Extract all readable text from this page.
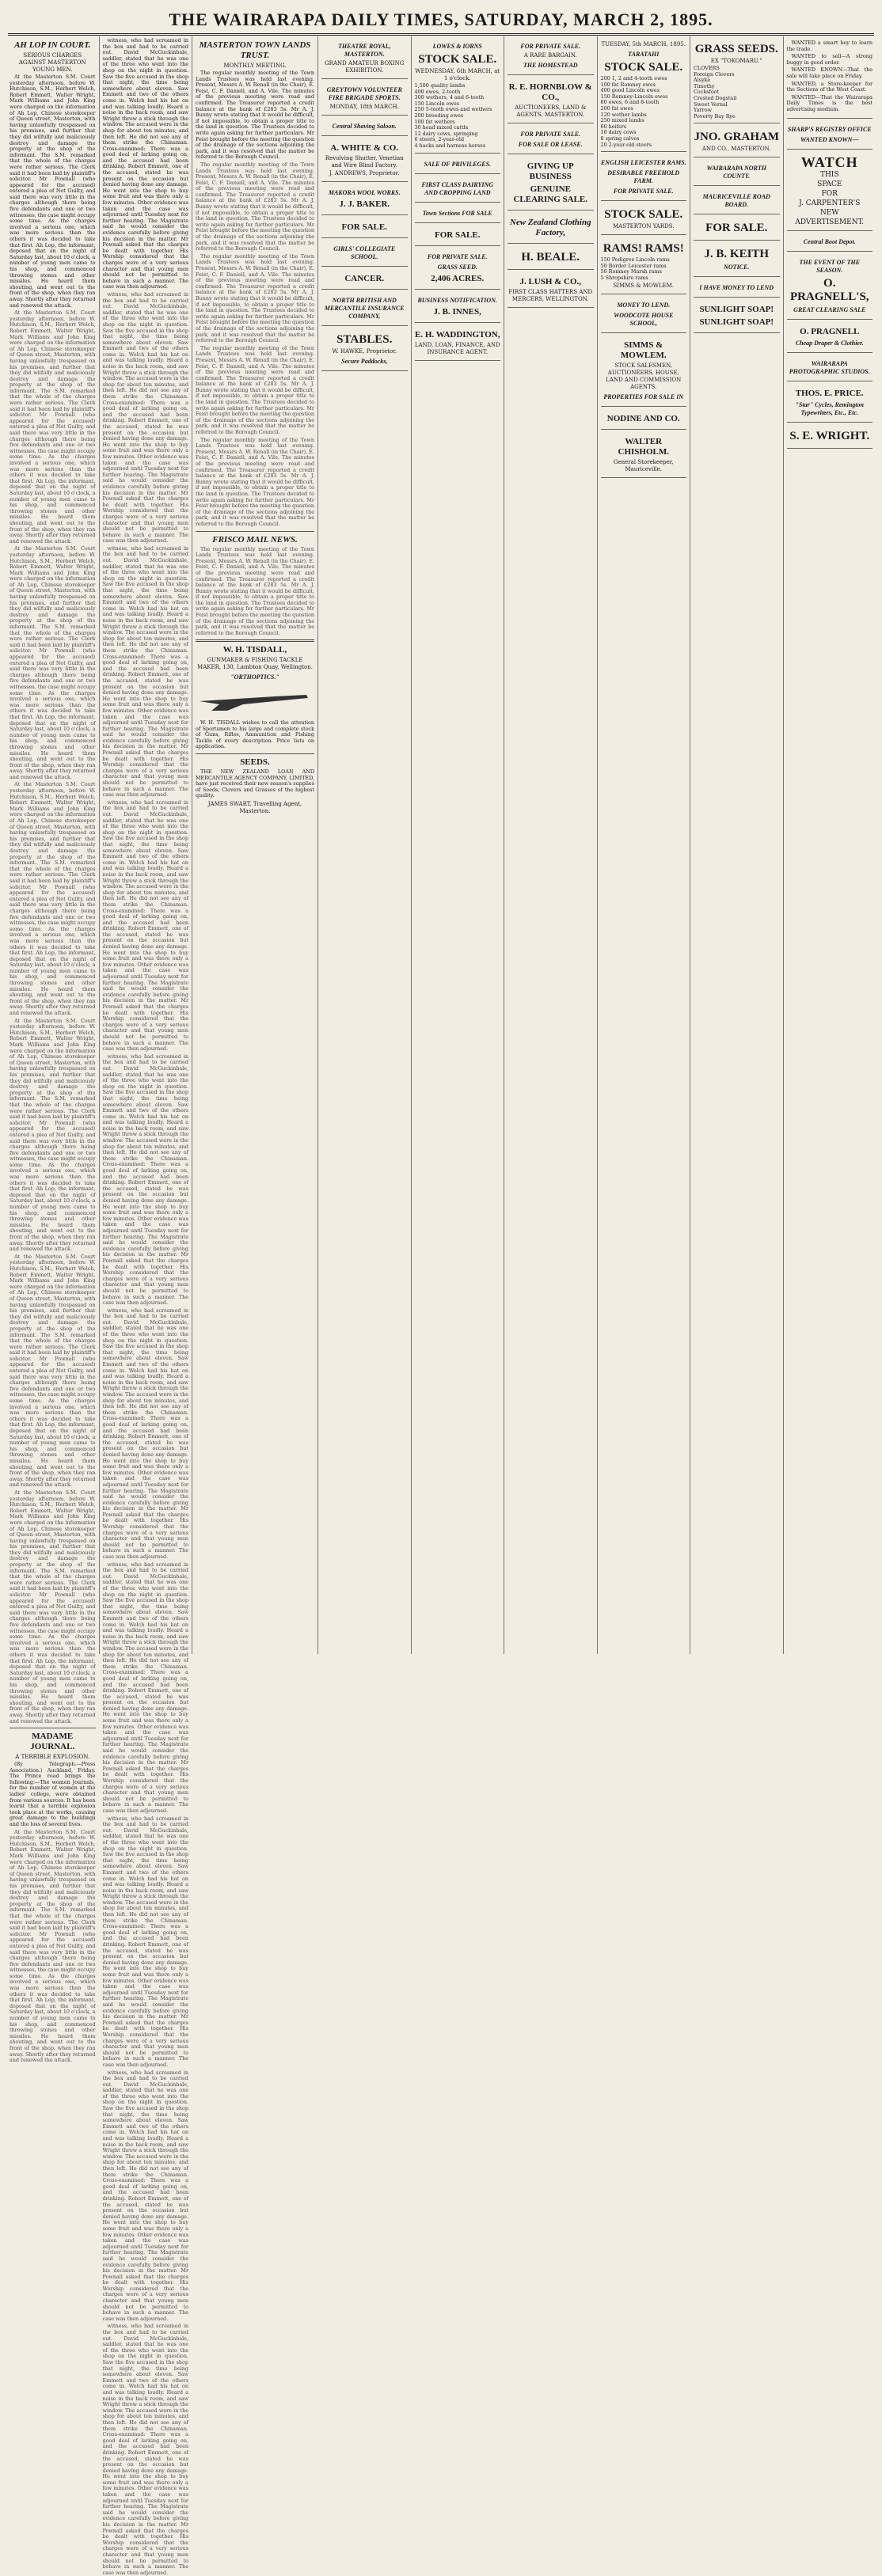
THE WAIRARAPA DAILY TIMES, SATURDAY, MARCH 2, 1895.
AH LOP IN COURT.
SERIOUS CHARGES AGAINST MASTERTON YOUNG MEN.
At the Masterton S.M. Court yesterday afternoon, before W. Hutchison, S.M., Herbert Welch, Robert Emmett, Walter Wright, Mark Williams and John King were charged on the information of Ah Lop, Chinese storekeeper of Queen street, Masterton, with having unlawfully trespassed on his premises, and further that they did wilfully and maliciously destroy and damage the property at the shop of the informant. The S.M. remarked that the whole of the charges were rather serious. The Clerk said it had been laid by plaintiff's solicitor. Mr Pownall (who appeared for the accused) entered a plea of Not Guilty, and said there was very little in the charges although there being five defendants and one or two witnesses, the case might occupy some time. As the charges involved a serious one, which was more serious than the others it was decided to take that first. Ah Lop, the informant, deposed that on the night of Saturday last, about 10 o'clock, a number of young men came to his shop, and commenced throwing stones and other missiles. He heard them shouting, and went out to the front of the shop, when they ran away. Shortly after they returned and renewed the attack.
At the Masterton S.M. Court yesterday afternoon, before W. Hutchison, S.M., Herbert Welch, Robert Emmett, Walter Wright, Mark Williams and John King were charged on the information of Ah Lop, Chinese storekeeper of Queen street, Masterton, with having unlawfully trespassed on his premises, and further that they did wilfully and maliciously destroy and damage the property at the shop of the informant. The S.M. remarked that the whole of the charges were rather serious. The Clerk said it had been laid by plaintiff's solicitor. Mr Pownall (who appeared for the accused) entered a plea of Not Guilty, and said there was very little in the charges although there being five defendants and one or two witnesses, the case might occupy some time. As the charges involved a serious one, which was more serious than the others it was decided to take that first. Ah Lop, the informant, deposed that on the night of Saturday last, about 10 o'clock, a number of young men came to his shop, and commenced throwing stones and other missiles. He heard them shouting, and went out to the front of the shop, when they ran away. Shortly after they returned and renewed the attack.
At the Masterton S.M. Court yesterday afternoon, before W. Hutchison, S.M., Herbert Welch, Robert Emmett, Walter Wright, Mark Williams and John King were charged on the information of Ah Lop, Chinese storekeeper of Queen street, Masterton, with having unlawfully trespassed on his premises, and further that they did wilfully and maliciously destroy and damage the property at the shop of the informant. The S.M. remarked that the whole of the charges were rather serious. The Clerk said it had been laid by plaintiff's solicitor. Mr Pownall (who appeared for the accused) entered a plea of Not Guilty, and said there was very little in the charges although there being five defendants and one or two witnesses, the case might occupy some time. As the charges involved a serious one, which was more serious than the others it was decided to take that first. Ah Lop, the informant, deposed that on the night of Saturday last, about 10 o'clock, a number of young men came to his shop, and commenced throwing stones and other missiles. He heard them shouting, and went out to the front of the shop, when they ran away. Shortly after they returned and renewed the attack.
At the Masterton S.M. Court yesterday afternoon, before W. Hutchison, S.M., Herbert Welch, Robert Emmett, Walter Wright, Mark Williams and John King were charged on the information of Ah Lop, Chinese storekeeper of Queen street, Masterton, with having unlawfully trespassed on his premises, and further that they did wilfully and maliciously destroy and damage the property at the shop of the informant. The S.M. remarked that the whole of the charges were rather serious. The Clerk said it had been laid by plaintiff's solicitor. Mr Pownall (who appeared for the accused) entered a plea of Not Guilty, and said there was very little in the charges although there being five defendants and one or two witnesses, the case might occupy some time. As the charges involved a serious one, which was more serious than the others it was decided to take that first. Ah Lop, the informant, deposed that on the night of Saturday last, about 10 o'clock, a number of young men came to his shop, and commenced throwing stones and other missiles. He heard them shouting, and went out to the front of the shop, when they ran away. Shortly after they returned and renewed the attack.
At the Masterton S.M. Court yesterday afternoon, before W. Hutchison, S.M., Herbert Welch, Robert Emmett, Walter Wright, Mark Williams and John King were charged on the information of Ah Lop, Chinese storekeeper of Queen street, Masterton, with having unlawfully trespassed on his premises, and further that they did wilfully and maliciously destroy and damage the property at the shop of the informant. The S.M. remarked that the whole of the charges were rather serious. The Clerk said it had been laid by plaintiff's solicitor. Mr Pownall (who appeared for the accused) entered a plea of Not Guilty, and said there was very little in the charges although there being five defendants and one or two witnesses, the case might occupy some time. As the charges involved a serious one, which was more serious than the others it was decided to take that first. Ah Lop, the informant, deposed that on the night of Saturday last, about 10 o'clock, a number of young men came to his shop, and commenced throwing stones and other missiles. He heard them shouting, and went out to the front of the shop, when they ran away. Shortly after they returned and renewed the attack.
At the Masterton S.M. Court yesterday afternoon, before W. Hutchison, S.M., Herbert Welch, Robert Emmett, Walter Wright, Mark Williams and John King were charged on the information of Ah Lop, Chinese storekeeper of Queen street, Masterton, with having unlawfully trespassed on his premises, and further that they did wilfully and maliciously destroy and damage the property at the shop of the informant. The S.M. remarked that the whole of the charges were rather serious. The Clerk said it had been laid by plaintiff's solicitor. Mr Pownall (who appeared for the accused) entered a plea of Not Guilty, and said there was very little in the charges although there being five defendants and one or two witnesses, the case might occupy some time. As the charges involved a serious one, which was more serious than the others it was decided to take that first. Ah Lop, the informant, deposed that on the night of Saturday last, about 10 o'clock, a number of young men came to his shop, and commenced throwing stones and other missiles. He heard them shouting, and went out to the front of the shop, when they ran away. Shortly after they returned and renewed the attack.
At the Masterton S.M. Court yesterday afternoon, before W. Hutchison, S.M., Herbert Welch, Robert Emmett, Walter Wright, Mark Williams and John King were charged on the information of Ah Lop, Chinese storekeeper of Queen street, Masterton, with having unlawfully trespassed on his premises, and further that they did wilfully and maliciously destroy and damage the property at the shop of the informant. The S.M. remarked that the whole of the charges were rather serious. The Clerk said it had been laid by plaintiff's solicitor. Mr Pownall (who appeared for the accused) entered a plea of Not Guilty, and said there was very little in the charges although there being five defendants and one or two witnesses, the case might occupy some time. As the charges involved a serious one, which was more serious than the others it was decided to take that first. Ah Lop, the informant, deposed that on the night of Saturday last, about 10 o'clock, a number of young men came to his shop, and commenced throwing stones and other missiles. He heard them shouting, and went out to the front of the shop, when they ran away. Shortly after they returned and renewed the attack.
MADAME JOURNAL.
A TERRIBLE EXPLOSION.
(By Telegraph.—Press Association.) Auckland, Friday. The Prince road brings the following:—The women Journals, for the number of women at the ladies' college, were obtained from various sources. It has been learnt that a terrible explosion took place at the works, causing great damage to the buildings and the loss of several lives.
At the Masterton S.M. Court yesterday afternoon, before W. Hutchison, S.M., Herbert Welch, Robert Emmett, Walter Wright, Mark Williams and John King were charged on the information of Ah Lop, Chinese storekeeper of Queen street, Masterton, with having unlawfully trespassed on his premises, and further that they did wilfully and maliciously destroy and damage the property at the shop of the informant. The S.M. remarked that the whole of the charges were rather serious. The Clerk said it had been laid by plaintiff's solicitor. Mr Pownall (who appeared for the accused) entered a plea of Not Guilty, and said there was very little in the charges although there being five defendants and one or two witnesses, the case might occupy some time. As the charges involved a serious one, which was more serious than the others it was decided to take that first. Ah Lop, the informant, deposed that on the night of Saturday last, about 10 o'clock, a number of young men came to his shop, and commenced throwing stones and other missiles. He heard them shouting, and went out to the front of the shop, when they ran away. Shortly after they returned and renewed the attack.
witness, who had screamed in the box and had to be carried out. David McGuckinbale, saddler, stated that he was one of the three who went into the shop on the night in question. Saw the five accused in the shop that night, the time being somewhere about eleven. Saw Emmett and two of the others come in. Welch had his hat on and was talking loudly. Heard a noise in the back room, and saw Wright throw a stick through the window. The accused were in the shop for about ten minutes, and then left. He did not see any of them strike the Chinaman. Cross-examined: There was a good deal of larking going on, and the accused had been drinking. Robert Emmett, one of the accused, stated he was present on the occasion but denied having done any damage. He went into the shop to buy some fruit and was there only a few minutes. Other evidence was taken and the case was adjourned until Tuesday next for further hearing. The Magistrate said he would consider the evidence carefully before giving his decision in the matter. Mr Pownall asked that the charges be dealt with together. His Worship considered that the charges were of a very serious character and that young men should not be permitted to behave in such a manner. The case was then adjourned.
witness, who had screamed in the box and had to be carried out. David McGuckinbale, saddler, stated that he was one of the three who went into the shop on the night in question. Saw the five accused in the shop that night, the time being somewhere about eleven. Saw Emmett and two of the others come in. Welch had his hat on and was talking loudly. Heard a noise in the back room, and saw Wright throw a stick through the window. The accused were in the shop for about ten minutes, and then left. He did not see any of them strike the Chinaman. Cross-examined: There was a good deal of larking going on, and the accused had been drinking. Robert Emmett, one of the accused, stated he was present on the occasion but denied having done any damage. He went into the shop to buy some fruit and was there only a few minutes. Other evidence was taken and the case was adjourned until Tuesday next for further hearing. The Magistrate said he would consider the evidence carefully before giving his decision in the matter. Mr Pownall asked that the charges be dealt with together. His Worship considered that the charges were of a very serious character and that young men should not be permitted to behave in such a manner. The case was then adjourned.
witness, who had screamed in the box and had to be carried out. David McGuckinbale, saddler, stated that he was one of the three who went into the shop on the night in question. Saw the five accused in the shop that night, the time being somewhere about eleven. Saw Emmett and two of the others come in. Welch had his hat on and was talking loudly. Heard a noise in the back room, and saw Wright throw a stick through the window. The accused were in the shop for about ten minutes, and then left. He did not see any of them strike the Chinaman. Cross-examined: There was a good deal of larking going on, and the accused had been drinking. Robert Emmett, one of the accused, stated he was present on the occasion but denied having done any damage. He went into the shop to buy some fruit and was there only a few minutes. Other evidence was taken and the case was adjourned until Tuesday next for further hearing. The Magistrate said he would consider the evidence carefully before giving his decision in the matter. Mr Pownall asked that the charges be dealt with together. His Worship considered that the charges were of a very serious character and that young men should not be permitted to behave in such a manner. The case was then adjourned.
witness, who had screamed in the box and had to be carried out. David McGuckinbale, saddler, stated that he was one of the three who went into the shop on the night in question. Saw the five accused in the shop that night, the time being somewhere about eleven. Saw Emmett and two of the others come in. Welch had his hat on and was talking loudly. Heard a noise in the back room, and saw Wright throw a stick through the window. The accused were in the shop for about ten minutes, and then left. He did not see any of them strike the Chinaman. Cross-examined: There was a good deal of larking going on, and the accused had been drinking. Robert Emmett, one of the accused, stated he was present on the occasion but denied having done any damage. He went into the shop to buy some fruit and was there only a few minutes. Other evidence was taken and the case was adjourned until Tuesday next for further hearing. The Magistrate said he would consider the evidence carefully before giving his decision in the matter. Mr Pownall asked that the charges be dealt with together. His Worship considered that the charges were of a very serious character and that young men should not be permitted to behave in such a manner. The case was then adjourned.
witness, who had screamed in the box and had to be carried out. David McGuckinbale, saddler, stated that he was one of the three who went into the shop on the night in question. Saw the five accused in the shop that night, the time being somewhere about eleven. Saw Emmett and two of the others come in. Welch had his hat on and was talking loudly. Heard a noise in the back room, and saw Wright throw a stick through the window. The accused were in the shop for about ten minutes, and then left. He did not see any of them strike the Chinaman. Cross-examined: There was a good deal of larking going on, and the accused had been drinking. Robert Emmett, one of the accused, stated he was present on the occasion but denied having done any damage. He went into the shop to buy some fruit and was there only a few minutes. Other evidence was taken and the case was adjourned until Tuesday next for further hearing. The Magistrate said he would consider the evidence carefully before giving his decision in the matter. Mr Pownall asked that the charges be dealt with together. His Worship considered that the charges were of a very serious character and that young men should not be permitted to behave in such a manner. The case was then adjourned.
witness, who had screamed in the box and had to be carried out. David McGuckinbale, saddler, stated that he was one of the three who went into the shop on the night in question. Saw the five accused in the shop that night, the time being somewhere about eleven. Saw Emmett and two of the others come in. Welch had his hat on and was talking loudly. Heard a noise in the back room, and saw Wright throw a stick through the window. The accused were in the shop for about ten minutes, and then left. He did not see any of them strike the Chinaman. Cross-examined: There was a good deal of larking going on, and the accused had been drinking. Robert Emmett, one of the accused, stated he was present on the occasion but denied having done any damage. He went into the shop to buy some fruit and was there only a few minutes. Other evidence was taken and the case was adjourned until Tuesday next for further hearing. The Magistrate said he would consider the evidence carefully before giving his decision in the matter. Mr Pownall asked that the charges be dealt with together. His Worship considered that the charges were of a very serious character and that young men should not be permitted to behave in such a manner. The case was then adjourned.
witness, who had screamed in the box and had to be carried out. David McGuckinbale, saddler, stated that he was one of the three who went into the shop on the night in question. Saw the five accused in the shop that night, the time being somewhere about eleven. Saw Emmett and two of the others come in. Welch had his hat on and was talking loudly. Heard a noise in the back room, and saw Wright throw a stick through the window. The accused were in the shop for about ten minutes, and then left. He did not see any of them strike the Chinaman. Cross-examined: There was a good deal of larking going on, and the accused had been drinking. Robert Emmett, one of the accused, stated he was present on the occasion but denied having done any damage. He went into the shop to buy some fruit and was there only a few minutes. Other evidence was taken and the case was adjourned until Tuesday next for further hearing. The Magistrate said he would consider the evidence carefully before giving his decision in the matter. Mr Pownall asked that the charges be dealt with together. His Worship considered that the charges were of a very serious character and that young men should not be permitted to behave in such a manner. The case was then adjourned.
witness, who had screamed in the box and had to be carried out. David McGuckinbale, saddler, stated that he was one of the three who went into the shop on the night in question. Saw the five accused in the shop that night, the time being somewhere about eleven. Saw Emmett and two of the others come in. Welch had his hat on and was talking loudly. Heard a noise in the back room, and saw Wright throw a stick through the window. The accused were in the shop for about ten minutes, and then left. He did not see any of them strike the Chinaman. Cross-examined: There was a good deal of larking going on, and the accused had been drinking. Robert Emmett, one of the accused, stated he was present on the occasion but denied having done any damage. He went into the shop to buy some fruit and was there only a few minutes. Other evidence was taken and the case was adjourned until Tuesday next for further hearing. The Magistrate said he would consider the evidence carefully before giving his decision in the matter. Mr Pownall asked that the charges be dealt with together. His Worship considered that the charges were of a very serious character and that young men should not be permitted to behave in such a manner. The case was then adjourned.
witness, who had screamed in the box and had to be carried out. David McGuckinbale, saddler, stated that he was one of the three who went into the shop on the night in question. Saw the five accused in the shop that night, the time being somewhere about eleven. Saw Emmett and two of the others come in. Welch had his hat on and was talking loudly. Heard a noise in the back room, and saw Wright throw a stick through the window. The accused were in the shop for about ten minutes, and then left. He did not see any of them strike the Chinaman. Cross-examined: There was a good deal of larking going on, and the accused had been drinking. Robert Emmett, one of the accused, stated he was present on the occasion but denied having done any damage. He went into the shop to buy some fruit and was there only a few minutes. Other evidence was taken and the case was adjourned until Tuesday next for further hearing. The Magistrate said he would consider the evidence carefully before giving his decision in the matter. Mr Pownall asked that the charges be dealt with together. His Worship considered that the charges were of a very serious character and that young men should not be permitted to behave in such a manner. The case was then adjourned.
witness, who had screamed in the box and had to be carried out. David McGuckinbale, saddler, stated that he was one of the three who went into the shop on the night in question. Saw the five accused in the shop that night, the time being somewhere about eleven. Saw Emmett and two of the others come in. Welch had his hat on and was talking loudly. Heard a noise in the back room, and saw Wright throw a stick through the window. The accused were in the shop for about ten minutes, and then left. He did not see any of them strike the Chinaman. Cross-examined: There was a good deal of larking going on, and the accused had been drinking. Robert Emmett, one of the accused, stated he was present on the occasion but denied having done any damage. He went into the shop to buy some fruit and was there only a few minutes. Other evidence was taken and the case was adjourned until Tuesday next for further hearing. The Magistrate said he would consider the evidence carefully before giving his decision in the matter. Mr Pownall asked that the charges be dealt with together. His Worship considered that the charges were of a very serious character and that young men should not be permitted to behave in such a manner. The case was then adjourned.
MASTERTON TOWN LANDS TRUST.
MONTHLY MEETING.
The regular monthly meeting of the Town Lands Trustees was held last evening. Present, Messrs A. W. Renall (in the Chair), E. Feist, C. F. Daniell, and A. Vile. The minutes of the previous meeting were read and confirmed. The Treasurer reported a credit balance at the bank of £283 5s. Mr A. J. Bunny wrote stating that it would be difficult, if not impossible, to obtain a proper title to the land in question. The Trustees decided to write again asking for further particulars. Mr Feist brought before the meeting the question of the drainage of the sections adjoining the park, and it was resolved that the matter be referred to the Borough Council.
The regular monthly meeting of the Town Lands Trustees was held last evening. Present, Messrs A. W. Renall (in the Chair), E. Feist, C. F. Daniell, and A. Vile. The minutes of the previous meeting were read and confirmed. The Treasurer reported a credit balance at the bank of £283 5s. Mr A. J. Bunny wrote stating that it would be difficult, if not impossible, to obtain a proper title to the land in question. The Trustees decided to write again asking for further particulars. Mr Feist brought before the meeting the question of the drainage of the sections adjoining the park, and it was resolved that the matter be referred to the Borough Council.
The regular monthly meeting of the Town Lands Trustees was held last evening. Present, Messrs A. W. Renall (in the Chair), E. Feist, C. F. Daniell, and A. Vile. The minutes of the previous meeting were read and confirmed. The Treasurer reported a credit balance at the bank of £283 5s. Mr A. J. Bunny wrote stating that it would be difficult, if not impossible, to obtain a proper title to the land in question. The Trustees decided to write again asking for further particulars. Mr Feist brought before the meeting the question of the drainage of the sections adjoining the park, and it was resolved that the matter be referred to the Borough Council.
The regular monthly meeting of the Town Lands Trustees was held last evening. Present, Messrs A. W. Renall (in the Chair), E. Feist, C. F. Daniell, and A. Vile. The minutes of the previous meeting were read and confirmed. The Treasurer reported a credit balance at the bank of £283 5s. Mr A. J. Bunny wrote stating that it would be difficult, if not impossible, to obtain a proper title to the land in question. The Trustees decided to write again asking for further particulars. Mr Feist brought before the meeting the question of the drainage of the sections adjoining the park, and it was resolved that the matter be referred to the Borough Council.
The regular monthly meeting of the Town Lands Trustees was held last evening. Present, Messrs A. W. Renall (in the Chair), E. Feist, C. F. Daniell, and A. Vile. The minutes of the previous meeting were read and confirmed. The Treasurer reported a credit balance at the bank of £283 5s. Mr A. J. Bunny wrote stating that it would be difficult, if not impossible, to obtain a proper title to the land in question. The Trustees decided to write again asking for further particulars. Mr Feist brought before the meeting the question of the drainage of the sections adjoining the park, and it was resolved that the matter be referred to the Borough Council.
FRISCO MAIL NEWS.
The regular monthly meeting of the Town Lands Trustees was held last evening. Present, Messrs A. W. Renall (in the Chair), E. Feist, C. F. Daniell, and A. Vile. The minutes of the previous meeting were read and confirmed. The Treasurer reported a credit balance at the bank of £283 5s. Mr A. J. Bunny wrote stating that it would be difficult, if not impossible, to obtain a proper title to the land in question. The Trustees decided to write again asking for further particulars. Mr Feist brought before the meeting the question of the drainage of the sections adjoining the park, and it was resolved that the matter be referred to the Borough Council.
W. H. TISDALL,
GUNMAKER & FISHING TACKLE MAKER, 130, Lambton Quay, Wellington.
"ORTHOPTICS."
W. H. TISDALL wishes to call the attention of Sportsmen to his large and complete stock of Guns, Rifles, Ammunition and Fishing Tackle of every description. Price lists on application.
SEEDS.
THE NEW ZEALAND LOAN AND MERCANTILE AGENCY COMPANY, LIMITED, have just received their new season's supplies of Seeds, Clovers and Grasses of the highest quality.
JAMES SWART, Travelling Agent, Masterton.
THEATRE ROYAL, MASTERTON.
GRAND AMATEUR BOXING EXHIBITION.
GREYTOWN VOLUNTEER FIRE BRIGADE SPORTS.
MONDAY, 18th MARCH.
Central Shaving Saloon.
A. WHITE & CO.
Revolving Shutter, Venetian and Wire Blind Factory.
J. ANDREWS, Proprietor.
MAKORA WOOL WORKS.
J. J. BAKER.
FOR SALE.
GIRLS' COLLEGIATE SCHOOL.
CANCER.
NORTH BRITISH AND MERCANTILE INSURANCE COMPANY,
STABLES.
W. HAWKE, Proprietor.
Secure Paddocks,
LOWES & IORNS
STOCK SALE.
WEDNESDAY, 6th MARCH, at 1 o'clock.
1,500 quality lambs
400 ewes, 2-tooth
300 wethers, 4 and 6-tooth
150 Lincoln ewes
250 5-tooth ewes and wethers
200 breeding ewes
100 fat wethers
30 head mixed cattle
12 dairy cows, springing
6 steers, 2-year-old
4 hacks and harness horses
SALE OF PRIVILEGES.
FIRST CLASS DAIRYING AND CROPPING LAND
Town Sections FOR SALE
FOR SALE.
FOR PRIVATE SALE.
GRASS SEED.
2,406 ACRES.
BUSINESS NOTIFICATION.
J. B. INNES,
E. H. WADDINGTON,
LAND, LOAN, FINANCE, AND INSURANCE AGENT.
FOR PRIVATE SALE.
A RARE BARGAIN.
THE HOMESTEAD
R. E. HORNBLOW & CO.,
AUCTIONEERS, LAND & AGENTS, MASTERTON.
FOR PRIVATE SALE.
FOR SALE OR LEASE.
GIVING UP BUSINESS
GENUINE CLEARING SALE.
New Zealand Clothing Factory,
H. BEALE.
J. LUSH & CO.,
FIRST CLASS HATTERS AND MERCERS, WELLINGTON.
TUESDAY, 5th MARCH, 1895.
TARATAHI
STOCK SALE.
200 1, 2 and 4-tooth ewes
100 fat Romney ewes
400 good Lincoln ewes
150 Romney-Lincoln ewes
80 ewes, 6 and 8-tooth
200 fat ewes
120 wether lambs
250 mixed lambs
60 heifers
10 dairy cows
8 spring calves
20 2-year-old steers
ENGLISH LEICESTER RAMS.
DESIRABLE FREEHOLD FARM.
FOR PRIVATE SALE.
STOCK SALE.
MASTERTON YARDS.
RAMS! RAMS!
150 Pedigree Lincoln rams
50 Border Leicester rams
50 Romney Marsh rams
5 Shropshire rams
SIMMS & MOWLEM.
MONEY TO LEND.
WOODCOTE HOUSE SCHOOL,
SIMMS & MOWLEM.
STOCK SALESMEN, AUCTIONEERS, HOUSE, LAND AND COMMISSION AGENTS.
PROPERTIES FOR SALE IN
NODINE AND CO.
WALTER CHISHOLM.
General Storekeeper, Mauriceville.
GRASS SEEDS.
EX "TOKOMARU."
CLOVERS
Foreign Clovers
Alsyke
Timothy
Cocksfoot
Crested Dogstail
Sweet Vernal
Yarrow
Poverty Bay Rye
JNO. GRAHAM
AND CO., MASTERTON.
WAIRARAPA NORTH COUNTY.
MAURICEVILLE ROAD BOARD.
FOR SALE.
J. B. KEITH
NOTICE.
I HAVE MONEY TO LEND
SUNLIGHT SOAP!
SUNLIGHT SOAP!
WANTED a smart boy to learn the trade.
WANTED to sell—A strong buggy in good order.
WANTED KNOWN—That the sale will take place on Friday.
WANTED, a Store-keeper for the Sections of the West Coast.
WANTED—That the Wairarapa Daily Times is the best advertising medium.
SHARP'S REGISTRY OFFICE
WANTED KNOWN—
WATCH
THIS
SPACE
FOR
J. CARPENTER'S
NEW
ADVERTISEMENT.
Central Boot Depot.
THE EVENT OF THE SEASON.
O. PRAGNELL'S,
GREAT CLEARING SALE
O. PRAGNELL
Cheap Draper & Clothier.
WAIRARAPA PHOTOGRAPHIC STUDIOS.
THOS. E. PRICE.
"Star" Cycles, Remington Typewriters, Etc., Etc.
S. E. WRIGHT.
